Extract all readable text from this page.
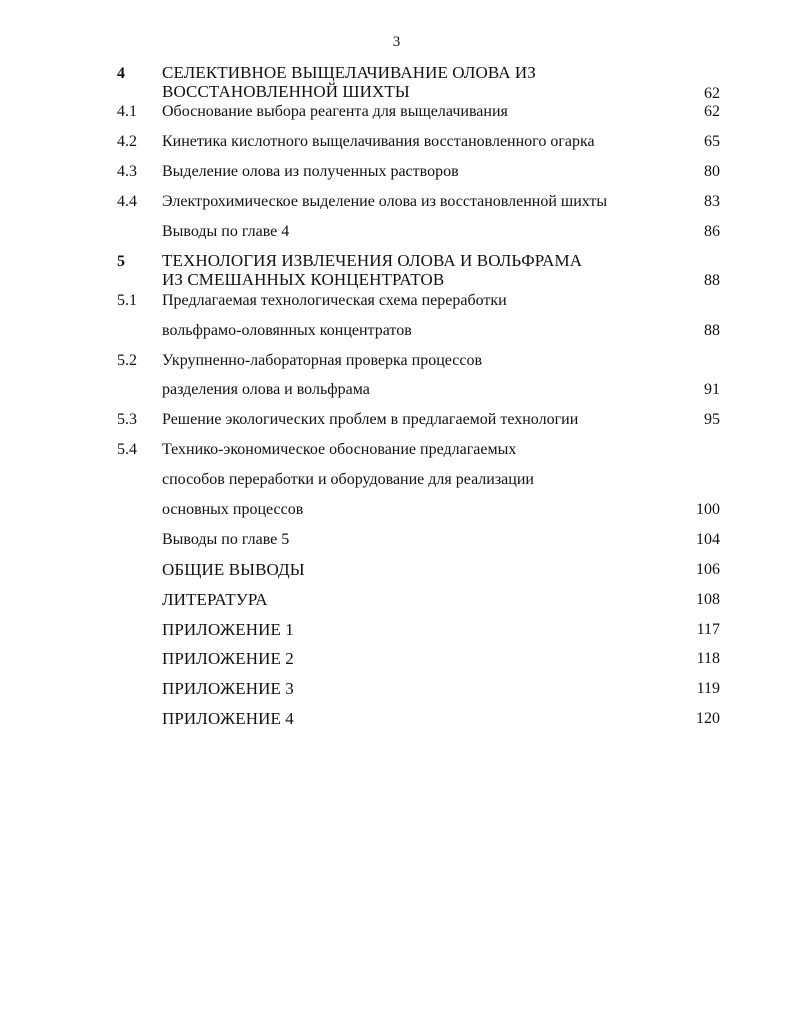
3
4 СЕЛЕКТИВНОЕ ВЫЩЕЛАЧИВАНИЕ ОЛОВА ИЗ
ВОССТАНОВЛЕННОЙ ШИХТЫ	62
4.1 Обоснование выбора реагента для выщелачивания	62
4.2 Кинетика кислотного выщелачивания восстановленного огарка	65
4.3 Выделение олова из полученных растворов	80
4.4 Электрохимическое выделение олова из восстановленной шихты	83
Выводы по главе 4	86
5 ТЕХНОЛОГИЯ ИЗВЛЕЧЕНИЯ ОЛОВА И ВОЛЬФРАМА
ИЗ СМЕШАННЫХ КОНЦЕНТРАТОВ	88
5.1 Предлагаемая технологическая схема переработки
вольфрамо-оловянных концентратов	88
5.2 Укрупненно-лабораторная проверка процессов
разделения олова и вольфрама	91
5.3 Решение экологических проблем в предлагаемой технологии	95
5.4 Технико-экономическое обоснование предлагаемых
способов переработки и оборудование для реализации
основных процессов	100
Выводы по главе 5	104
ОБЩИЕ ВЫВОДЫ	106
ЛИТЕРАТУРА	108
ПРИЛОЖЕНИЕ 1	117
ПРИЛОЖЕНИЕ 2	118
ПРИЛОЖЕНИЕ 3	119
ПРИЛОЖЕНИЕ 4	120
